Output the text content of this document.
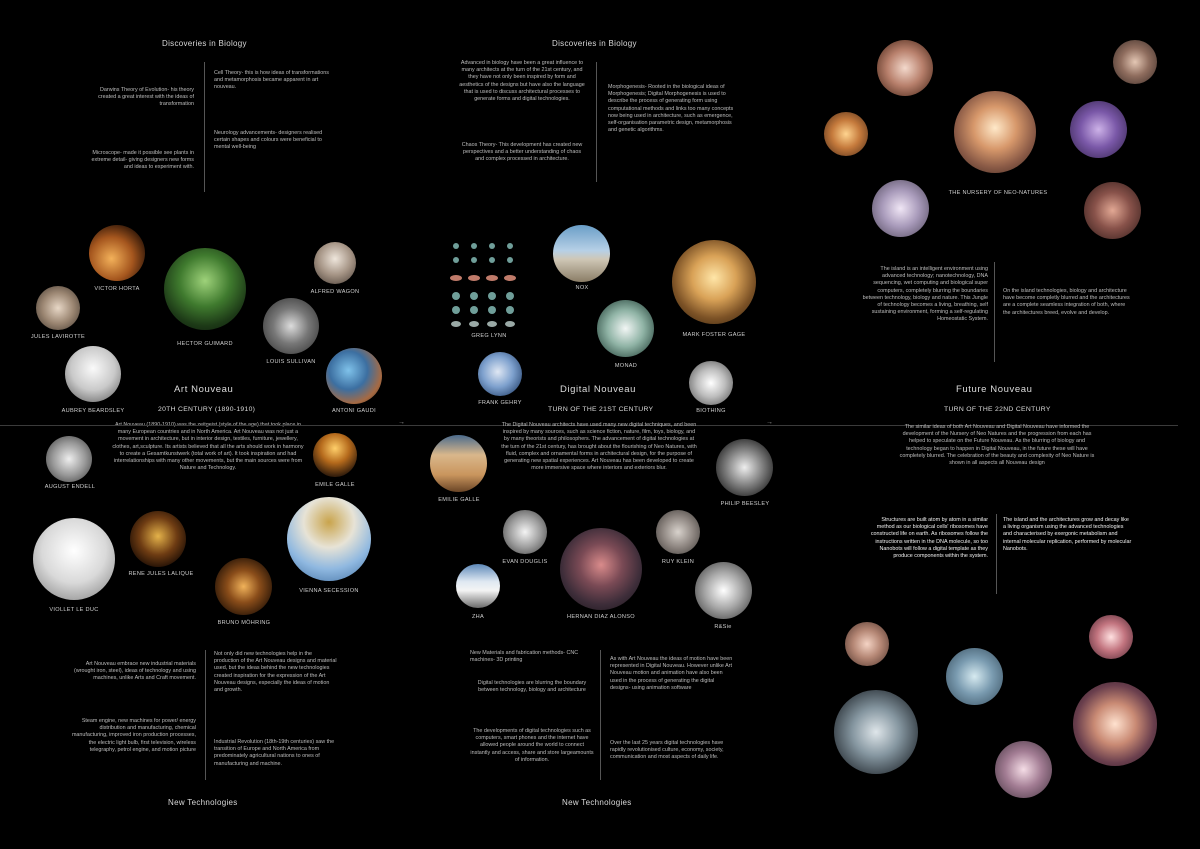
Discoveries in Biology
Darwins Theory of Evolution- his theory created a great interest with the ideas of transformation
Microscope- made it possible see plants in extreme detail- giving designers new forms and ideas to experiment with.
Cell Theory- this is how ideas of transformations and metamorphosis became apparent in art nouveau.
Neurology advancements- designers realised certain shapes and colours were beneficial to mental well-being
VICTOR HORTA
HECTOR GUIMARD
ALFRED WAGON
JULES LAVIROTTE
LOUIS SULLIVAN
AUBREY BEARDSLEY	ANTONI GAUDI
Art Nouveau
20TH CENTURY (1890-1910)
many European countries and in North America. Art Nouveau was not just a movement in architecture, but in interior design, textiles, furniture, jewellery, clothes, art,sculpture. Its artists believed that all the arts should work in harmony to create a Gesamtkunstwerk (total work of art). It took inspiration and had interrelationships with many other movements, but the main sources were from Nature and Technology.
AUGUST ENDELL	EMILE GALLE
VIOLLET LE DUC
RENE JULES LALIQUE
VIENNA SECESSION
BRUNO MÖHRING
Art Nouveau embrace new industrial materials (wrought iron, steel), ideas of technology and using machines, unlike Arts and Craft movement.
Steam engine, new machines for power/ energy distribution and manufacturing, chemical manufacturing, improved iron production processes, the electric light bulb, first television, wireless telegraphy, petrol engine, and motion picture
Not only did new technologies help in the production of the Art Nouveau designs and material used, but the ideas behind the new technologies created inspiration for the expression of the Art Nouveau designs, especially the ideas of motion and growth.
Industrial Revolution (18th-19th centuries) saw the transition of Europe and North America from predominately agricultural nations to ones of manufacturing and machine.
New Technologies
→	→
Discoveries in Biology
Advanced in biology have been a great influence to many architects at the turn of the 21st century, and they have not only been inspired by form and aesthetics of the designs but have also the language that is used to discuss architectural processes to generate forms and digital technologies.
Chaos Theory- This development has created new perspectives and a better understanding of chaos and complex processed in architecture.
Morphogenesis- Rooted in the biological ideas of Morphogenesis; Digital Morphogenesis is used to describe the process of generating form using computational methods and links too many concepts now being used in architecture, such as emergence, self-organisation parametric design, metamorphosis and genetic algorithms.
GREG LYNN
NOX
MARK FOSTER GAGE
MONAD
FRANK GEHRY
BIOTHING
Digital Nouveau
TURN OF THE 21ST CENTURY
The Digital Nouveau architects have used many new digital techniques, and been inspired by many sources, such as science fiction, nature, film, toys, biology, and by many theorists and philosophers. The advancement of digital technologies at the turn of the 21st century, has brought about the flourishing of Neo Natures, with fluid, complex and ornamental forms in architectural design, for the purpose of generating new spatial experiences. Art Nouveau has been developed to create more immersive space where interiors and exteriors blur.
EMILIE GALLE
PHILIP BEESLEY
EVAN DOUGLIS
HERNAN DIAZ ALONSO
RUY KLEIN
ZHA
R&Sie
New Materials and fabrication methods- CNC machines- 3D printing
Digital technologies are blurring the boundary between technology, biology and architecture
The developments of digital technologies such as computers, smart phones and the internet have allowed people around the world to connect instantly and access, share and store largeamounts of information.
As with Art Nouveau the ideas of motion have been represented in Digital Nouveau. However unlike Art Nouveau motion and animation have also been used in the process of generating the digital designs- using animation software
Over the last 25 years digital technologies have rapidly revolutionised culture, economy, society, communication and most aspects of daily life.
New Technologies
THE NURSERY OF NEO-NATURES
The island is an intelligent environment using advanced technology; nanotechnology, DNA sequencing, wet computing and biological super computers, completely blurring the boundaries between technology, biology and nature. This Jungle of technology becomes a living, breathing, self sustaining environment, forming a self-regulating Homeostatic System.
On the island technologies, biology and architecture have become completly blurred and the architectures are a complete seamless integration of both, where the architectures breed, evolve and develop.
Future Nouveau
TURN OF THE 22ND CENTURY
The similar ideas of both Art Nouveau and Digital Nouveau have informed the development of the Nursery of Neo Natures and the progression from each has helped to speculate on the Future Nouveau. As the blurring of biology and technology began to happen in Digital Nouveau, in the future these will have completely blurred. The celebration of the beauty and complexity of Neo Nature is shown in all aspects all Nouveau design
Structures are built atom by atom in a similar method as our biological cells' ribosomes have constructed life on earth. As ribosomes follow the instructions written in the DNA molecule, so too Nanobots will follow a digital template as they produce components within the system.
The island and the architectures grow and decay like a living organism using the advanced technologies and characterised by exergonic metabolism and internal molecular replication, performed by molecular Nanobots.
